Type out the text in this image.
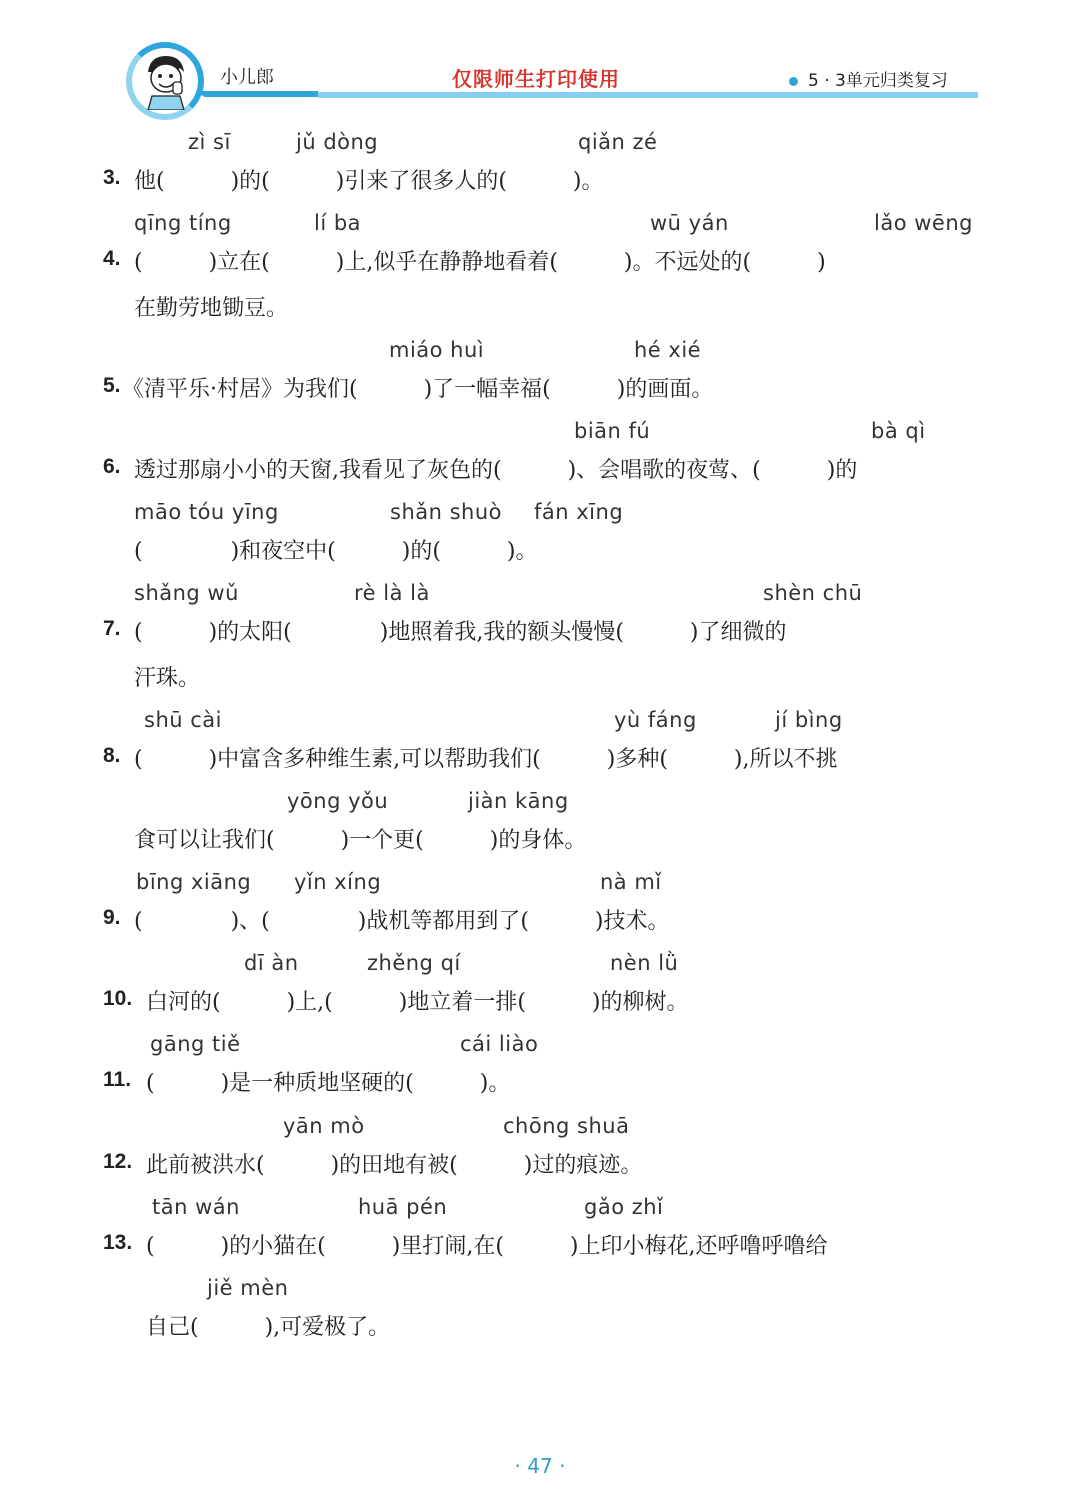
小儿郎	仅限师生打印使用	5 · 3单元归类复习
zì sī	jǔ dòng	qiǎn zé
3. 他(　　　)的(　　　)引来了很多人的(　　　)。
qīng tíng	lí ba	wū yán	lǎo wēng
4. (　　　)立在(　　　)上,似乎在静静地看着(　　　)。不远处的(　　　)
在勤劳地锄豆。
miáo huì	hé xié
5. 《清平乐·村居》为我们(　　　)了一幅幸福(　　　)的画面。
biān fú	bà qì
6. 透过那扇小小的天窗,我看见了灰色的(　　　)、会唱歌的夜莺、(　　　)的
māo tóu yīng	shǎn shuò fán xīng
(　　　　)和夜空中(　　　)的(　　　)。
shǎng wǔ	rè là là	shèn chū
7. (　　　)的太阳(　　　　)地照着我,我的额头慢慢(　　　)了细微的
汗珠。
shū cài	yù fáng	jí bìng
8. (　　　)中富含多种维生素,可以帮助我们(　　　)多种(　　　),所以不挑
yōng yǒu	jiàn kāng
食可以让我们(　　　)一个更(　　　)的身体。
bīng xiāng yǐn xíng	nà mǐ
9. (　　　　)、(　　　　)战机等都用到了(　　　)技术。
dī àn	zhěng qí	nèn lǜ
10. 白河的(　　　)上,(　　　)地立着一排(　　　)的柳树。
gāng tiě	cái liào
11. (　　　)是一种质地坚硬的(　　　)。
yān mò	chōng shuā
12. 此前被洪水(　　　)的田地有被(　　　)过的痕迹。
tān wán	huā pén	gǎo zhǐ
13. (　　　)的小猫在(　　　)里打闹,在(　　　)上印小梅花,还呼噜呼噜给
jiě mèn
自己(　　　),可爱极了。
· 47 ·
